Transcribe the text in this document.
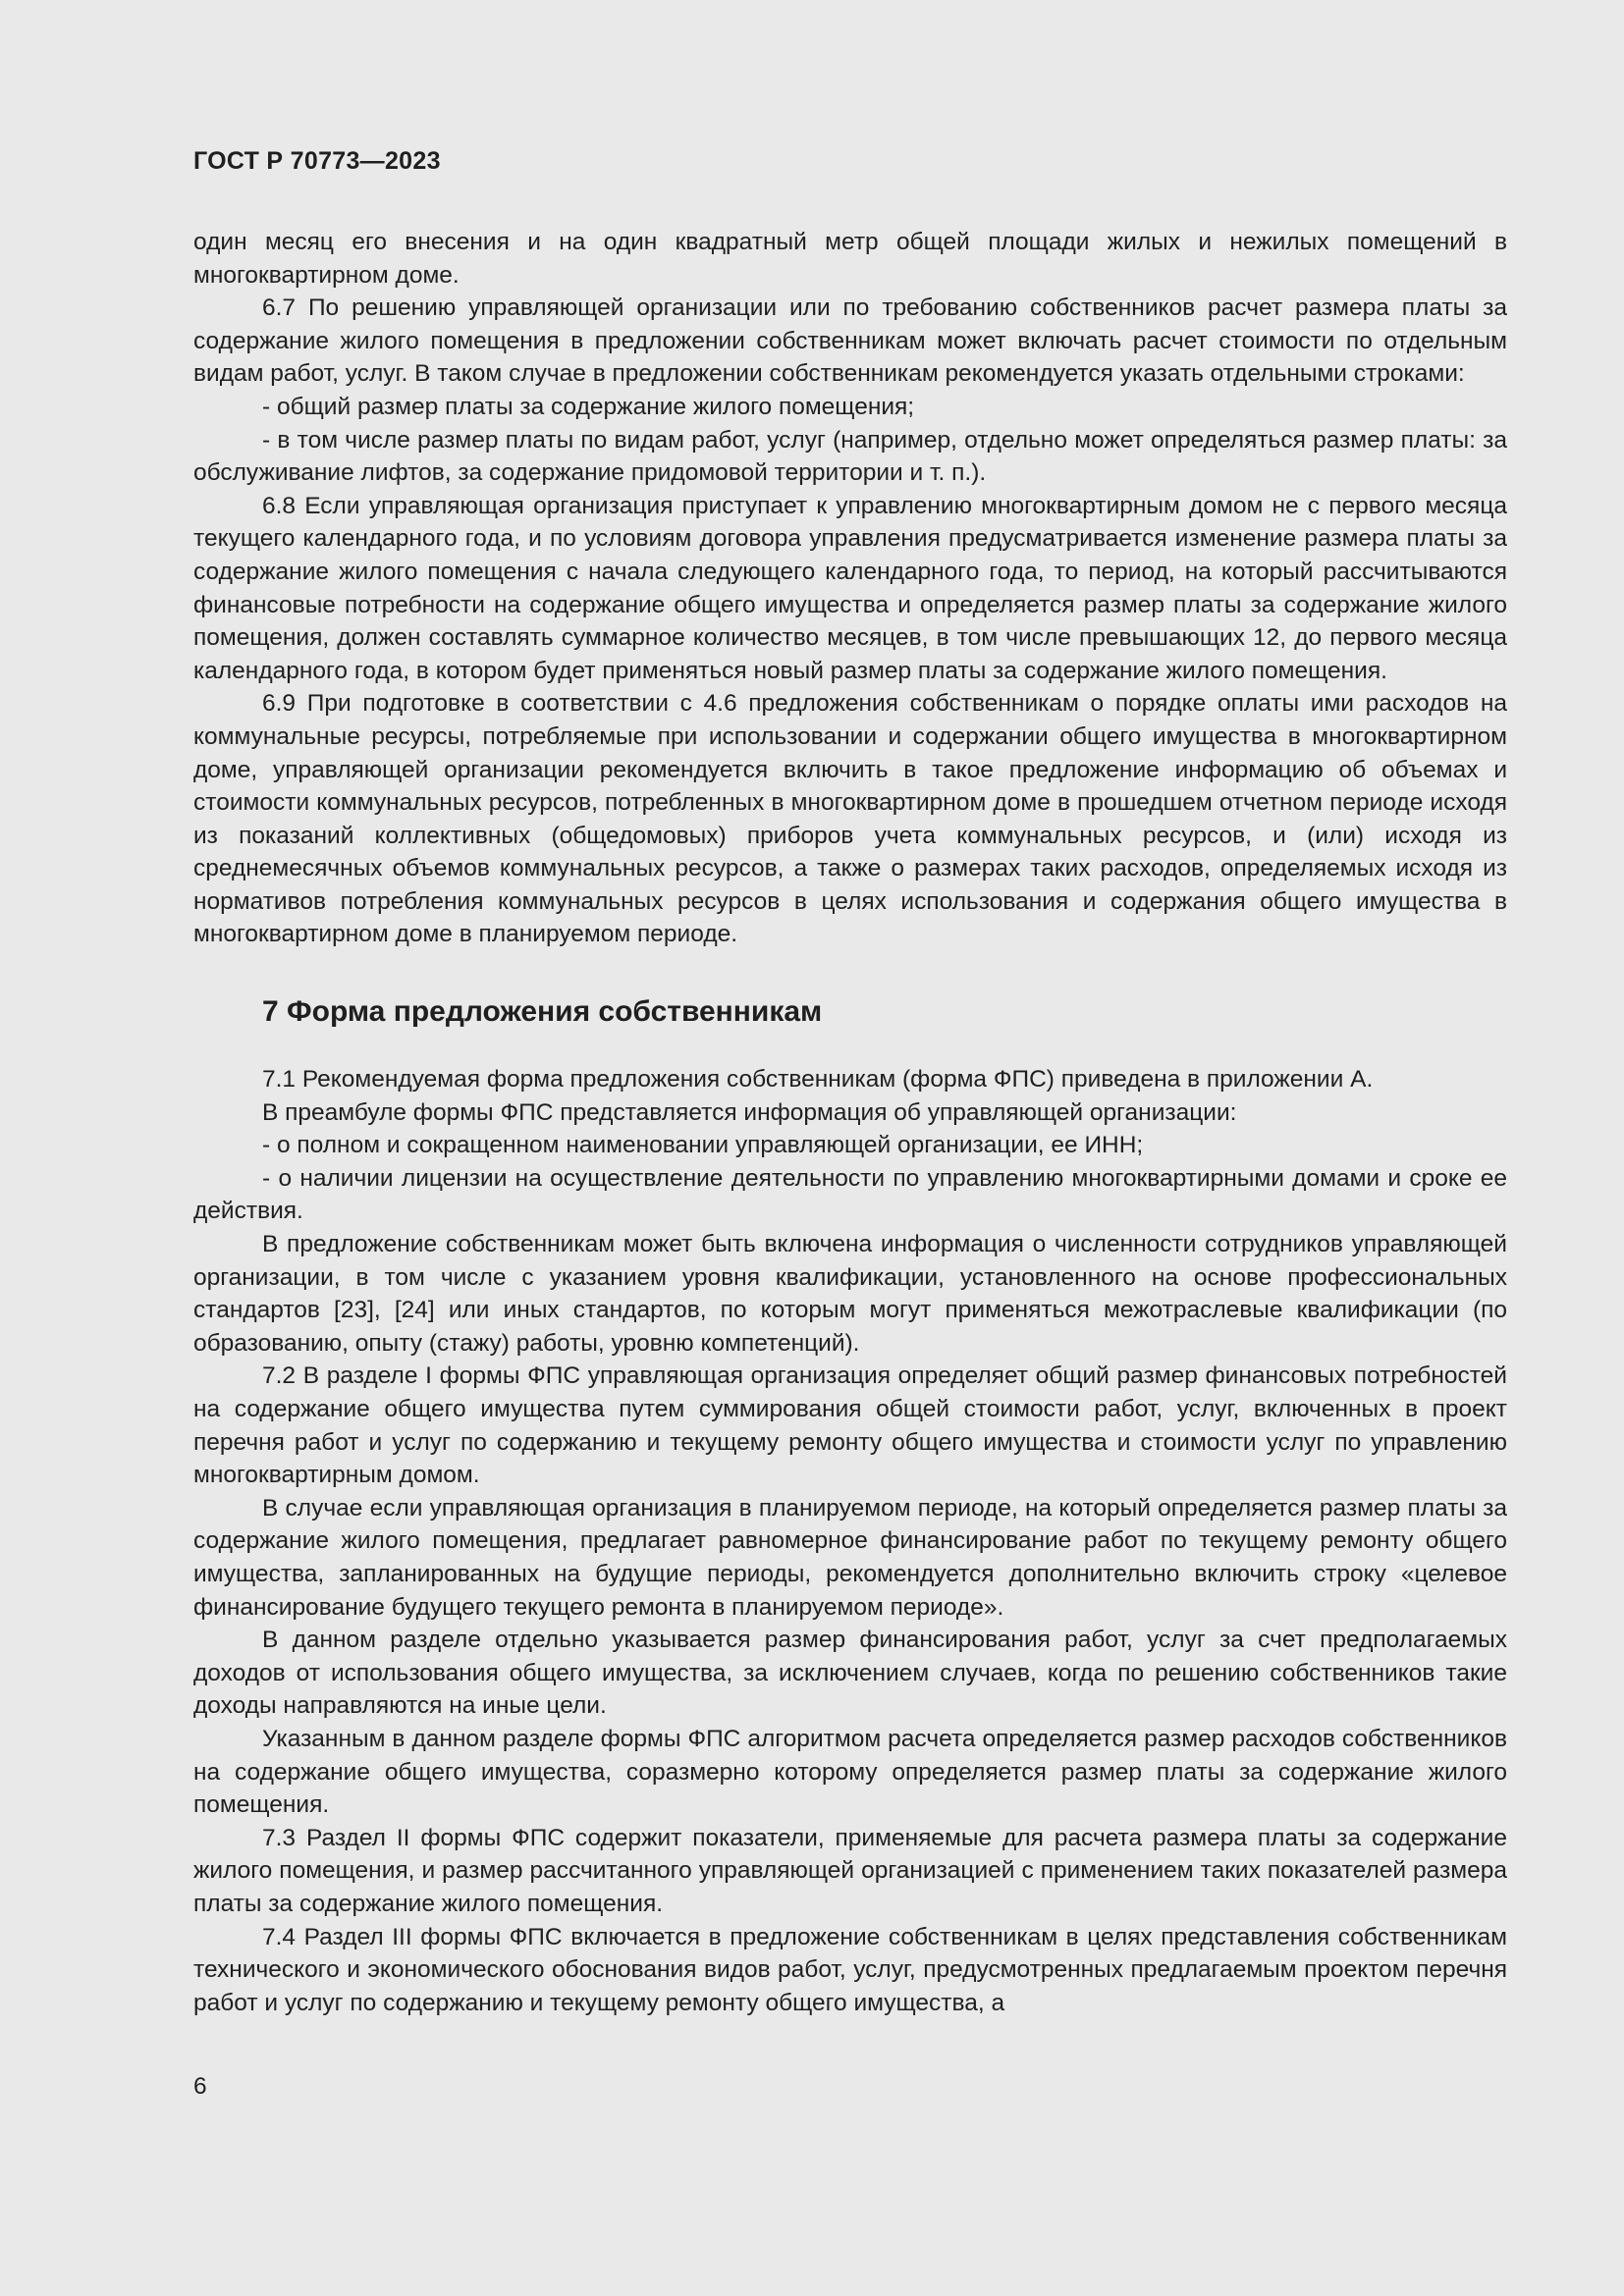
ГОСТ Р 70773—2023

один месяц его внесения и на один квадратный метр общей площади жилых и нежилых помещений в многоквартирном доме.

6.7 По решению управляющей организации или по требованию собственников расчет размера платы за содержание жилого помещения в предложении собственникам может включать расчет стоимости по отдельным видам работ, услуг. В таком случае в предложении собственникам рекомендуется указать отдельными строками:

- общий размер платы за содержание жилого помещения;

- в том числе размер платы по видам работ, услуг (например, отдельно может определяться размер платы: за обслуживание лифтов, за содержание придомовой территории и т. п.).

6.8 Если управляющая организация приступает к управлению многоквартирным домом не с первого месяца текущего календарного года, и по условиям договора управления предусматривается изменение размера платы за содержание жилого помещения с начала следующего календарного года, то период, на который рассчитываются финансовые потребности на содержание общего имущества и определяется размер платы за содержание жилого помещения, должен составлять суммарное количество месяцев, в том числе превышающих 12, до первого месяца календарного года, в котором будет применяться новый размер платы за содержание жилого помещения.

6.9 При подготовке в соответствии с 4.6 предложения собственникам о порядке оплаты ими расходов на коммунальные ресурсы, потребляемые при использовании и содержании общего имущества в многоквартирном доме, управляющей организации рекомендуется включить в такое предложение информацию об объемах и стоимости коммунальных ресурсов, потребленных в многоквартирном доме в прошедшем отчетном периоде исходя из показаний коллективных (общедомовых) приборов учета коммунальных ресурсов, и (или) исходя из среднемесячных объемов коммунальных ресурсов, а также о размерах таких расходов, определяемых исходя из нормативов потребления коммунальных ресурсов в целях использования и содержания общего имущества в многоквартирном доме в планируемом периоде.

7 Форма предложения собственникам

7.1 Рекомендуемая форма предложения собственникам (форма ФПС) приведена в приложении А.

В преамбуле формы ФПС представляется информация об управляющей организации:

- о полном и сокращенном наименовании управляющей организации, ее ИНН;

- о наличии лицензии на осуществление деятельности по управлению многоквартирными домами и сроке ее действия.

В предложение собственникам может быть включена информация о численности сотрудников управляющей организации, в том числе с указанием уровня квалификации, установленного на основе профессиональных стандартов [23], [24] или иных стандартов, по которым могут применяться межотраслевые квалификации (по образованию, опыту (стажу) работы, уровню компетенций).

7.2 В разделе I формы ФПС управляющая организация определяет общий размер финансовых потребностей на содержание общего имущества путем суммирования общей стоимости работ, услуг, включенных в проект перечня работ и услуг по содержанию и текущему ремонту общего имущества и стоимости услуг по управлению многоквартирным домом.

В случае если управляющая организация в планируемом периоде, на который определяется размер платы за содержание жилого помещения, предлагает равномерное финансирование работ по текущему ремонту общего имущества, запланированных на будущие периоды, рекомендуется дополнительно включить строку «целевое финансирование будущего текущего ремонта в планируемом периоде».

В данном разделе отдельно указывается размер финансирования работ, услуг за счет предполагаемых доходов от использования общего имущества, за исключением случаев, когда по решению собственников такие доходы направляются на иные цели.

Указанным в данном разделе формы ФПС алгоритмом расчета определяется размер расходов собственников на содержание общего имущества, соразмерно которому определяется размер платы за содержание жилого помещения.

7.3 Раздел II формы ФПС содержит показатели, применяемые для расчета размера платы за содержание жилого помещения, и размер рассчитанного управляющей организацией с применением таких показателей размера платы за содержание жилого помещения.

7.4 Раздел III формы ФПС включается в предложение собственникам в целях представления собственникам технического и экономического обоснования видов работ, услуг, предусмотренных предлагаемым проектом перечня работ и услуг по содержанию и текущему ремонту общего имущества, а

6
